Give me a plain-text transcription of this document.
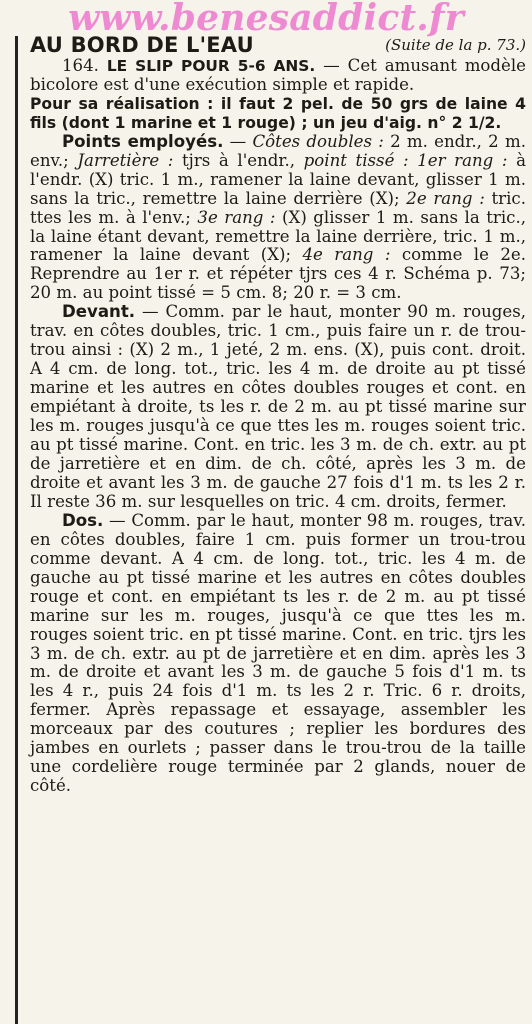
www.benesaddict.fr

AU BORD DE L'EAU	(Suite de la p. 73.)

164. LE SLIP POUR 5-6 ANS. — Cet amusant modèle bicolore est d'une exécution simple et rapide.

Pour sa réalisation : il faut 2 pel. de 50 grs de laine 4 fils (dont 1 marine et 1 rouge) ; un jeu d'aig. n° 2 1/2.

Points employés. — Côtes doubles : 2 m. endr., 2 m. env.; Jarretière : tjrs à l'endr., point tissé : 1er rang : à l'endr. (X) tric. 1 m., ramener la laine devant, glisser 1 m. sans la tric., remettre la laine derrière (X); 2e rang : tric. ttes les m. à l'env.; 3e rang : (X) glisser 1 m. sans la tric., la laine étant devant, remettre la laine derrière, tric. 1 m., ramener la laine devant (X); 4e rang : comme le 2e. Reprendre au 1er r. et répéter tjrs ces 4 r. Schéma p. 73; 20 m. au point tissé = 5 cm. 8; 20 r. = 3 cm.

Devant. — Comm. par le haut, monter 90 m. rouges, trav. en côtes doubles, tric. 1 cm., puis faire un r. de trou-trou ainsi : (X) 2 m., 1 jeté, 2 m. ens. (X), puis cont. droit. A 4 cm. de long. tot., tric. les 4 m. de droite au pt tissé marine et les autres en côtes doubles rouges et cont. en empiétant à droite, ts les r. de 2 m. au pt tissé marine sur les m. rouges jusqu'à ce que ttes les m. rouges soient tric. au pt tissé marine. Cont. en tric. les 3 m. de ch. extr. au pt de jarretière et en dim. de ch. côté, après les 3 m. de droite et avant les 3 m. de gauche 27 fois d'1 m. ts les 2 r. Il reste 36 m. sur lesquelles on tric. 4 cm. droits, fermer.

Dos. — Comm. par le haut, monter 98 m. rouges, trav. en côtes doubles, faire 1 cm. puis former un trou-trou comme devant. A 4 cm. de long. tot., tric. les 4 m. de gauche au pt tissé marine et les autres en côtes doubles rouge et cont. en empiétant ts les r. de 2 m. au pt tissé marine sur les m. rouges, jusqu'à ce que ttes les m. rouges soient tric. en pt tissé marine. Cont. en tric. tjrs les 3 m. de ch. extr. au pt de jarretière et en dim. après les 3 m. de droite et avant les 3 m. de gauche 5 fois d'1 m. ts les 4 r., puis 24 fois d'1 m. ts les 2 r. Tric. 6 r. droits, fermer. Après repassage et essayage, assembler les morceaux par des coutures ; replier les bordures des jambes en ourlets ; passer dans le trou-trou de la taille une cordelière rouge terminée par 2 glands, nouer de côté.
